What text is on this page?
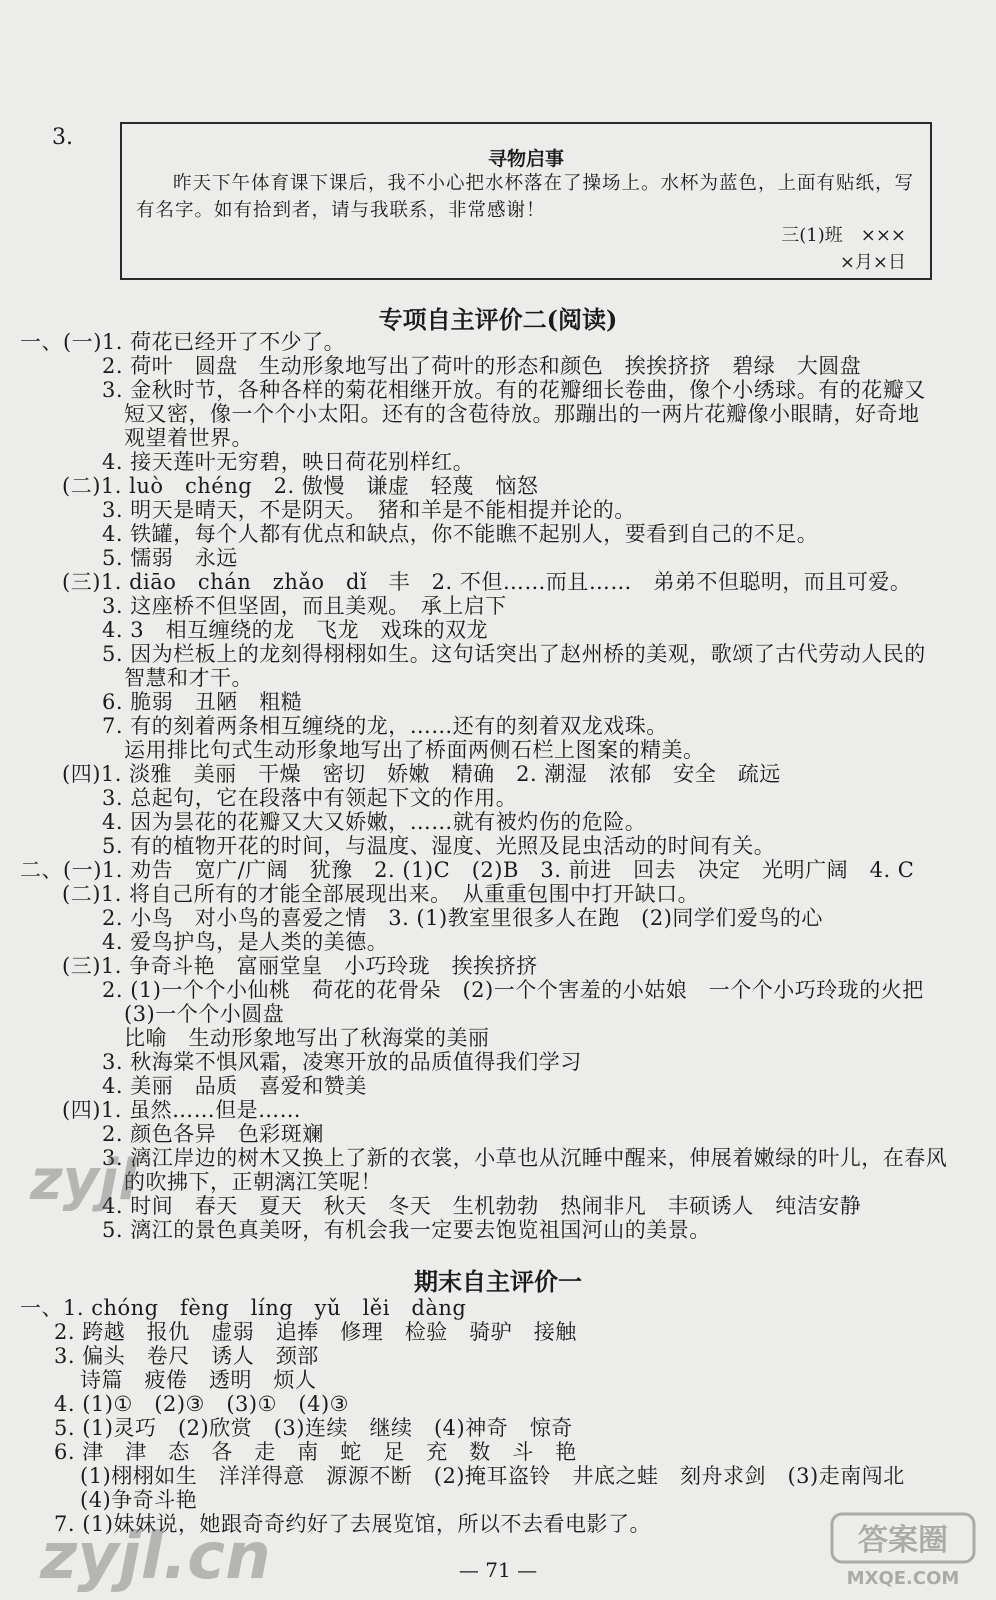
3.
寻物启事
昨天下午体育课下课后，我不小心把水杯落在了操场上。水杯为蓝色，上面有贴纸，写有名字。如有拾到者，请与我联系，非常感谢！
三(1)班　×××
×月×日
专项自主评价二(阅读)
一、(一)1. 荷花已经开了不少了。
2. 荷叶　圆盘　生动形象地写出了荷叶的形态和颜色　挨挨挤挤　碧绿　大圆盘
3. 金秋时节，各种各样的菊花相继开放。有的花瓣细长卷曲，像个小绣球。有的花瓣又
短又密，像一个个小太阳。还有的含苞待放。那蹦出的一两片花瓣像小眼睛，好奇地
观望着世界。
4. 接天莲叶无穷碧，映日荷花别样红。
(二)1. luò　chéng　2. 傲慢　谦虚　轻蔑　恼怒
3. 明天是晴天，不是阴天。　猪和羊是不能相提并论的。
4. 铁罐，每个人都有优点和缺点，你不能瞧不起别人，要看到自己的不足。
5. 懦弱　永远
(三)1. diāo　chán　zhǎo　dǐ　丰　2. 不但……而且……　弟弟不但聪明，而且可爱。
3. 这座桥不但坚固，而且美观。　承上启下
4. 3　相互缠绕的龙　飞龙　戏珠的双龙
5. 因为栏板上的龙刻得栩栩如生。这句话突出了赵州桥的美观，歌颂了古代劳动人民的
智慧和才干。
6. 脆弱　丑陋　粗糙
7. 有的刻着两条相互缠绕的龙，……还有的刻着双龙戏珠。
运用排比句式生动形象地写出了桥面两侧石栏上图案的精美。
(四)1. 淡雅　美丽　干燥　密切　娇嫩　精确　2. 潮湿　浓郁　安全　疏远
3. 总起句，它在段落中有领起下文的作用。
4. 因为昙花的花瓣又大又娇嫩，……就有被灼伤的危险。
5. 有的植物开花的时间，与温度、湿度、光照及昆虫活动的时间有关。
二、(一)1. 劝告　宽广/广阔　犹豫　2. (1)C　(2)B　3. 前进　回去　决定　光明广阔　4. C
(二)1. 将自己所有的才能全部展现出来。　从重重包围中打开缺口。
2. 小鸟　对小鸟的喜爱之情　3. (1)教室里很多人在跑　(2)同学们爱鸟的心
4. 爱鸟护鸟，是人类的美德。
(三)1. 争奇斗艳　富丽堂皇　小巧玲珑　挨挨挤挤
2. (1)一个个小仙桃　荷花的花骨朵　(2)一个个害羞的小姑娘　一个个小巧玲珑的火把
(3)一个个小圆盘
比喻　生动形象地写出了秋海棠的美丽
3. 秋海棠不惧风霜，凌寒开放的品质值得我们学习
4. 美丽　品质　喜爱和赞美
(四)1. 虽然……但是……
2. 颜色各异　色彩斑斓
3. 漓江岸边的树木又换上了新的衣裳，小草也从沉睡中醒来，伸展着嫩绿的叶儿，在春风
的吹拂下，正朝漓江笑呢！
4. 时间　春天　夏天　秋天　冬天　生机勃勃　热闹非凡　丰硕诱人　纯洁安静
5. 漓江的景色真美呀，有机会我一定要去饱览祖国河山的美景。
一、1. chóng　fèng　líng　yǔ　lěi　dàng
2. 跨越　报仇　虚弱　追捧　修理　检验　骑驴　接触
3. 偏头　卷尺　诱人　颈部
诗篇　疲倦　透明　烦人
4. (1)①　(2)③　(3)①　(4)③
5. (1)灵巧　(2)欣赏　(3)连续　继续　(4)神奇　惊奇
6. 津　津　态　各　走　南　蛇　足　充　数　斗　艳
(1)栩栩如生　洋洋得意　源源不断　(2)掩耳盗铃　井底之蛙　刻舟求剑　(3)走南闯北
(4)争奇斗艳
7. (1)妹妹说，她跟奇奇约好了去展览馆，所以不去看电影了。
期末自主评价一
— 71 —
zyjl
zyjl.cn	答案圈
MXQE.COM
